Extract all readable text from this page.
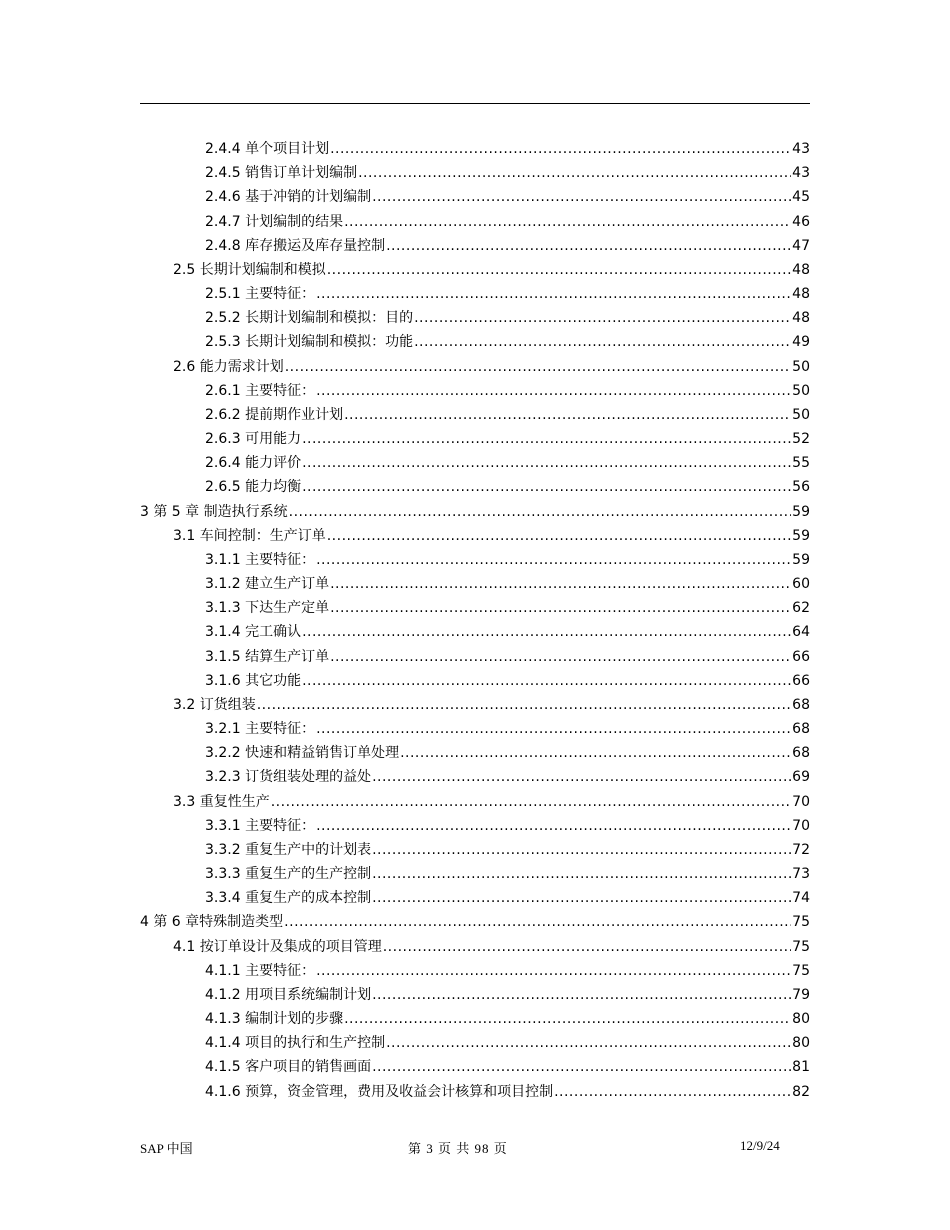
2.4.4 单个项目计划 .....	43
2.4.5 销售订单计划编制 .....	43
2.4.6 基于冲销的计划编制 .....	45
2.4.7 计划编制的结果 .....	46
2.4.8 库存搬运及库存量控制 .....	47
2.5 长期计划编制和模拟 .....	48
2.5.1 主要特征： .....	48
2.5.2 长期计划编制和模拟：目的 .....	48
2.5.3 长期计划编制和模拟：功能 .....	49
2.6 能力需求计划 .....	50
2.6.1 主要特征： .....	50
2.6.2 提前期作业计划 .....	50
2.6.3 可用能力 .....	52
2.6.4 能力评价 .....	55
2.6.5 能力均衡 .....	56
3 第 5 章 制造执行系统 .....	59
3.1 车间控制：生产订单 .....	59
3.1.1 主要特征： .....	59
3.1.2 建立生产订单 .....	60
3.1.3 下达生产定单 .....	62
3.1.4 完工确认 .....	64
3.1.5 结算生产订单 .....	66
3.1.6 其它功能 .....	66
3.2 订货组装 .....	68
3.2.1 主要特征： .....	68
3.2.2 快速和精益销售订单处理 .....	68
3.2.3 订货组装处理的益处 .....	69
3.3 重复性生产 .....	70
3.3.1 主要特征： .....	70
3.3.2 重复生产中的计划表 .....	72
3.3.3 重复生产的生产控制 .....	73
3.3.4 重复生产的成本控制 .....	74
4 第 6 章特殊制造类型 .....	75
4.1 按订单设计及集成的项目管理 .....	75
4.1.1 主要特征： .....	75
4.1.2 用项目系统编制计划 .....	79
4.1.3 编制计划的步骤 .....	80
4.1.4 项目的执行和生产控制 .....	80
4.1.5 客户项目的销售画面 .....	81
4.1.6 预算，资金管理，费用及收益会计核算和项目控制 .....	82
SAP 中国	第 3 页 共 98 页	12/9/24
